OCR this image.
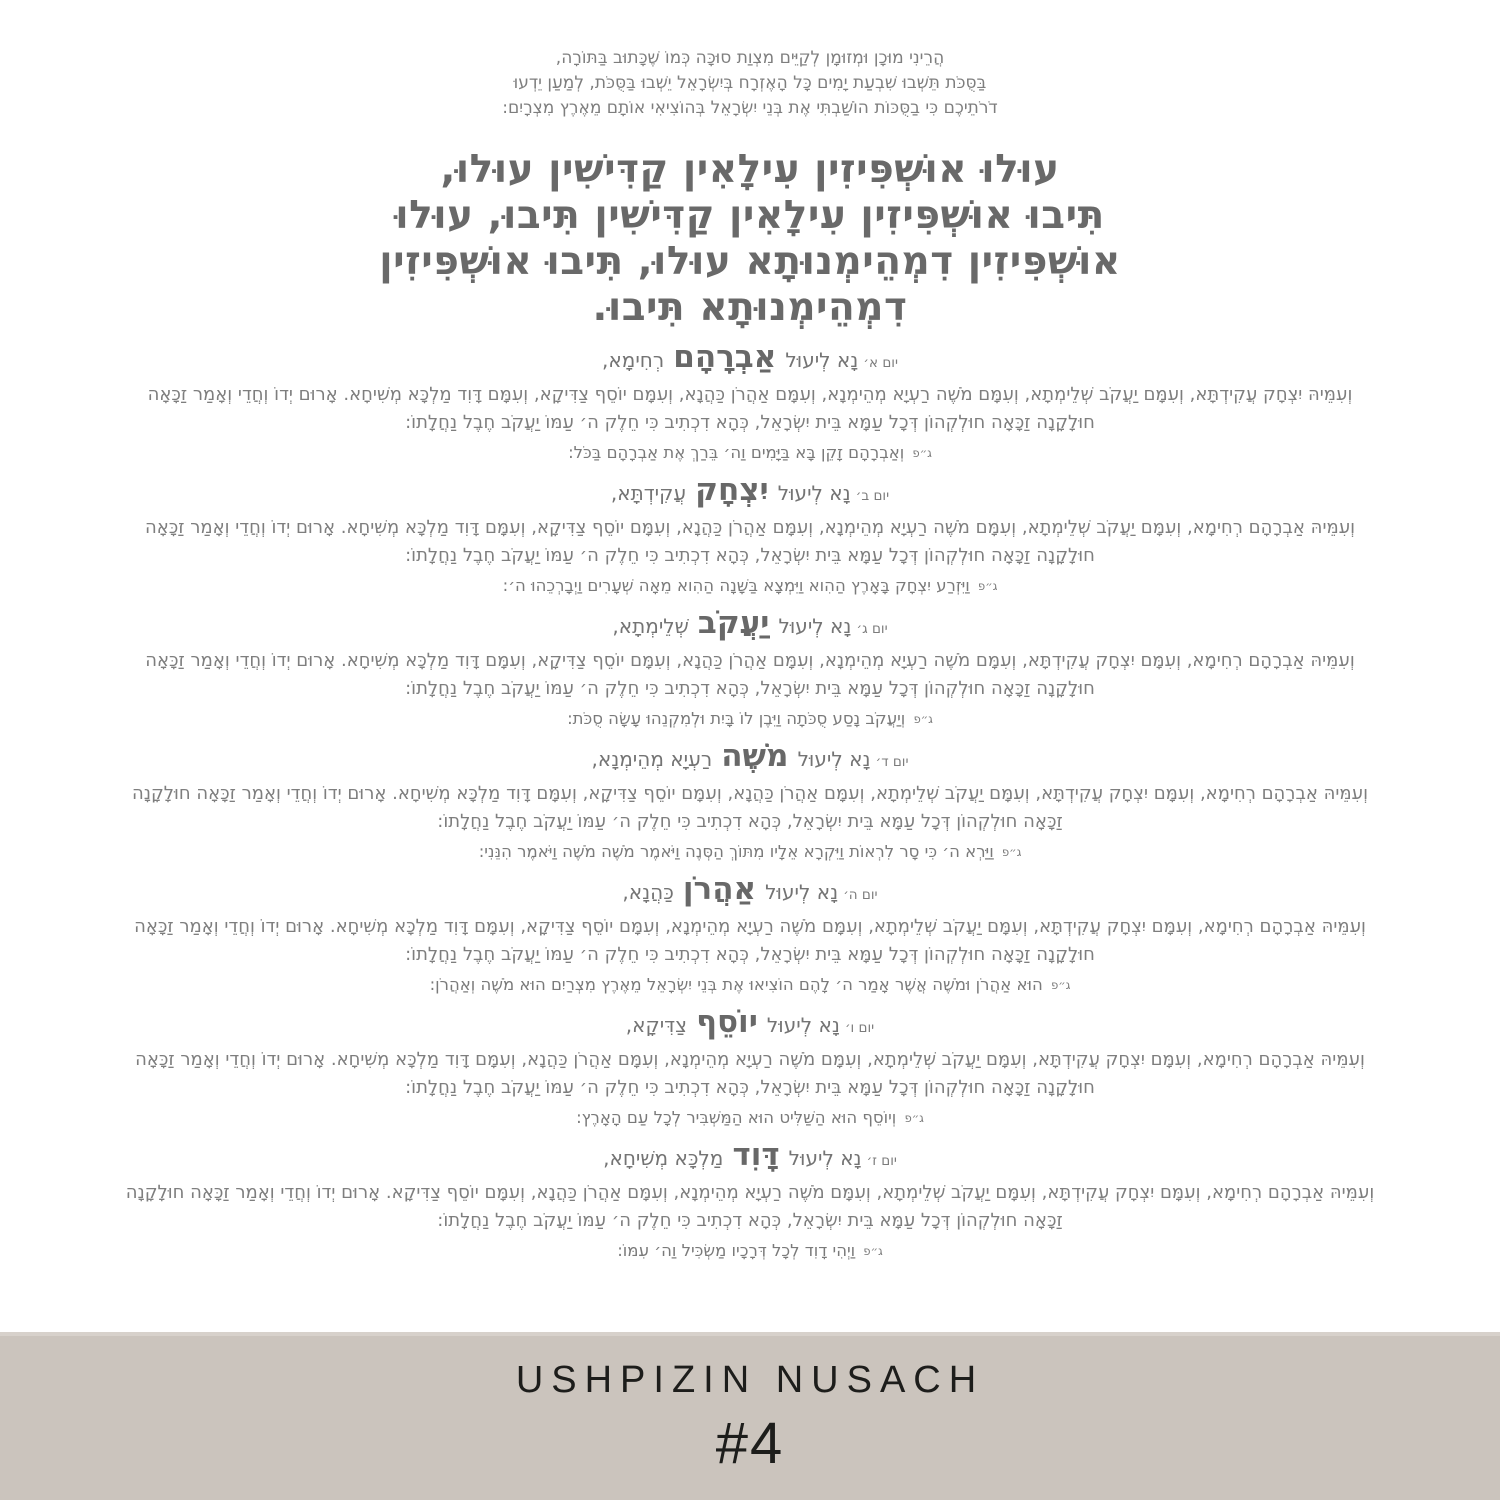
הֲרֵינִי מוּכָן וּמְזוּמָן לְקַיֵּים מִצְוַת סוּכָּה כְּמוֹ שֶׁכָּתוּב בַּתּוֹרָה,
בַּסֻּכֹּת תֵּשְׁבוּ שִׁבְעַת יָמִים כָּל הָאֶזְרָח בְּיִשְׂרָאֵל יֵשְׁבוּ בַּסֻּכֹּת, לְמַעַן יֵדְעוּ
דֹרֹתֵיכֶם כִּי בַסֻּכּוֹת הוֹשַׁבְתִּי אֶת בְּנֵי יִשְׂרָאֵל בְּהוֹצִיאִי אוֹתָם מֵאֶרֶץ מִצְרָיִם:
עוּלוּ אוּשְׁפִּיזִין עִילָאִין קַדִּישִׁין עוּלוּ,
תִּיבוּ אוּשְׁפִּיזִין עִילָאִין קַדִּישִׁין תִּיבוּ, עוּלוּ
אוּשְׁפִּיזִין דִמְהֵימְנוּתָא עוּלוּ, תִּיבוּ אוּשְׁפִּיזִין
דִמְהֵימְנוּתָא תִּיבוּ.
יום א׳ נָא לְיעוּל אַבְרָהָם רְחִימָא,
וְעִמֵּיהּ יִצְחָק עֲקִידְתָּא, וְעִמָּם יַעֲקֹב שְׁלֵימְתָא, וְעִמָּם מֹשֶׁה רַעְיָא מְהֵימְנָא, וְעִמָּם אַהֲרֹן כַּהֲנָא, וְעִמָּם יוֹסֵף צַדִּיקָא, וְעִמָּם דָּוִד מַלְכָּא מְשִׁיחָא. אָרוּם יְדוֹ וְחֲדֵי וְאָמַר זַכָּאָה חוּלָקָנָה זַכָּאָה חוּלְקְהוֹן דְּכָל עַמָּא בֵּית יִשְׂרָאֵל, כְּהָא דִכְתִיב כִּי חֵלֶק ה׳ עַמּוֹ יַעֲקֹב חֶבֶל נַחֲלָתוֹ:
ג״פ וְאַבְרָהָם זָקֵן בָּא בַּיָּמִים וַה׳ בֵּרַךְ אֶת אַבְרָהָם בַּכֹּל:
יום ב׳ נָא לְיעוּל יִצְחָק עֲקִידְתָּא,
וְעִמֵּיהּ אַבְרָהָם רְחִימָא, וְעִמָּם יַעֲקֹב שְׁלֵימְתָא, וְעִמָּם מֹשֶׁה רַעְיָא מְהֵימְנָא, וְעִמָּם אַהֲרֹן כַּהֲנָא, וְעִמָּם יוֹסֵף צַדִּיקָא, וְעִמָּם דָּוִד מַלְכָּא מְשִׁיחָא. אָרוּם יְדוֹ וְחֲדֵי וְאָמַר זַכָּאָה חוּלָקָנָה זַכָּאָה חוּלְקְהוֹן דְּכָל עַמָּא בֵּית יִשְׂרָאֵל, כְּהָא דִכְתִיב כִּי חֵלֶק ה׳ עַמּוֹ יַעֲקֹב חֶבֶל נַחֲלָתוֹ:
ג״פ וַיִּזְרַע יִצְחָק בָּאָרֶץ הַהִוא וַיִּמְצָא בַּשָּׁנָה הַהִוא מֵאָה שְׁעָרִים וַיְבָרְכֵהוּ ה׳:
יום ג׳ נָא לְיעוּל יַעֲקֹב שְׁלֵימְתָא,
וְעִמֵּיהּ אַבְרָהָם רְחִימָא, וְעִמָּם יִצְחָק עֲקִידְתָּא, וְעִמָּם מֹשֶׁה רַעְיָא מְהֵימְנָא, וְעִמָּם אַהֲרֹן כַּהֲנָא, וְעִמָּם יוֹסֵף צַדִּיקָא, וְעִמָּם דָּוִד מַלְכָּא מְשִׁיחָא. אָרוּם יְדוֹ וְחֲדֵי וְאָמַר זַכָּאָה חוּלָקָנָה זַכָּאָה חוּלְקְהוֹן דְּכָל עַמָּא בֵּית יִשְׂרָאֵל, כְּהָא דִכְתִיב כִּי חֵלֶק ה׳ עַמּוֹ יַעֲקֹב חֶבֶל נַחֲלָתוֹ:
ג״פ וְיַעֲקֹב נָסַע סֻכֹּתָה וַיִּבֶן לוֹ בָּיִת וּלְמִקְנֵהוּ עָשָׂה סֻכֹּת:
יום ד׳ נָא לְיעוּל מֹשֶׁה רַעְיָא מְהֵימְנָא,
וְעִמֵּיהּ אַבְרָהָם רְחִימָא, וְעִמָּם יִצְחָק עֲקִידְתָּא, וְעִמָּם יַעֲקֹב שְׁלֵימְתָא, וְעִמָּם אַהֲרֹן כַּהֲנָא, וְעִמָּם יוֹסֵף צַדִּיקָא, וְעִמָּם דָּוִד מַלְכָּא מְשִׁיחָא. אָרוּם יְדוֹ וְחֲדֵי וְאָמַר זַכָּאָה חוּלָקָנָה זַכָּאָה חוּלְקְהוֹן דְּכָל עַמָּא בֵּית יִשְׂרָאֵל, כְּהָא דִכְתִיב כִּי חֵלֶק ה׳ עַמּוֹ יַעֲקֹב חֶבֶל נַחֲלָתוֹ:
ג״פ וַיַּרְא ה׳ כִּי סָר לִרְאוֹת וַיִּקְרָא אֵלָיו מִתּוֹךְ הַסְּנֶה וַיֹּאמֶר מֹשֶׁה מֹשֶׁה וַיֹּאמֶר הִנֵּנִי:
יום ה׳ נָא לְיעוּל אַהֲרֹן כַּהֲנָא,
וְעִמֵּיהּ אַבְרָהָם רְחִימָא, וְעִמָּם יִצְחָק עֲקִידְתָּא, וְעִמָּם יַעֲקֹב שְׁלֵימְתָא, וְעִמָּם מֹשֶׁה רַעְיָא מְהֵימְנָא, וְעִמָּם יוֹסֵף צַדִּיקָא, וְעִמָּם דָּוִד מַלְכָּא מְשִׁיחָא. אָרוּם יְדוֹ וְחֲדֵי וְאָמַר זַכָּאָה חוּלָקָנָה זַכָּאָה חוּלְקְהוֹן דְּכָל עַמָּא בֵּית יִשְׂרָאֵל, כְּהָא דִכְתִיב כִּי חֵלֶק ה׳ עַמּוֹ יַעֲקֹב חֶבֶל נַחֲלָתוֹ:
ג״פ הוּא אַהֲרֹן וּמֹשֶׁה אֲשֶׁר אָמַר ה׳ לָהֶם הוֹצִיאוּ אֶת בְּנֵי יִשְׂרָאֵל מֵאֶרֶץ מִצְרַיִם הוּא מֹשֶׁה וְאַהֲרֹן:
יום ו׳ נָא לְיעוּל יוֹסֵף צַדִּיקָא,
וְעִמֵּיהּ אַבְרָהָם רְחִימָא, וְעִמָּם יִצְחָק עֲקִידְתָּא, וְעִמָּם יַעֲקֹב שְׁלֵימְתָא, וְעִמָּם מֹשֶׁה רַעְיָא מְהֵימְנָא, וְעִמָּם אַהֲרֹן כַּהֲנָא, וְעִמָּם דָּוִד מַלְכָּא מְשִׁיחָא. אָרוּם יְדוֹ וְחֲדֵי וְאָמַר זַכָּאָה חוּלָקָנָה זַכָּאָה חוּלְקְהוֹן דְּכָל עַמָּא בֵּית יִשְׂרָאֵל, כְּהָא דִכְתִיב כִּי חֵלֶק ה׳ עַמּוֹ יַעֲקֹב חֶבֶל נַחֲלָתוֹ:
ג״פ וְיוֹסֵף הוּא הַשַּׁלִּיט הוּא הַמַּשְׁבִּיר לְכָל עַם הָאָרֶץ:
יום ז׳ נָא לְיעוּל דָּוִד מַלְכָּא מְשִׁיחָא,
וְעִמֵּיהּ אַבְרָהָם רְחִימָא, וְעִמָּם יִצְחָק עֲקִידְתָּא, וְעִמָּם יַעֲקֹב שְׁלֵימְתָא, וְעִמָּם מֹשֶׁה רַעְיָא מְהֵימְנָא, וְעִמָּם אַהֲרֹן כַּהֲנָא, וְעִמָּם יוֹסֵף צַדִּיקָא. אָרוּם יְדוֹ וְחֲדֵי וְאָמַר זַכָּאָה חוּלָקָנָה זַכָּאָה חוּלְקְהוֹן דְּכָל עַמָּא בֵּית יִשְׂרָאֵל, כְּהָא דִכְתִיב כִּי חֵלֶק ה׳ עַמּוֹ יַעֲקֹב חֶבֶל נַחֲלָתוֹ:
ג״פ וַיְהִי דָוִד לְכָל דְּרָכָיו מַשְׂכִּיל וַה׳ עִמּוֹ:
USHPIZIN NUSACH
#4
